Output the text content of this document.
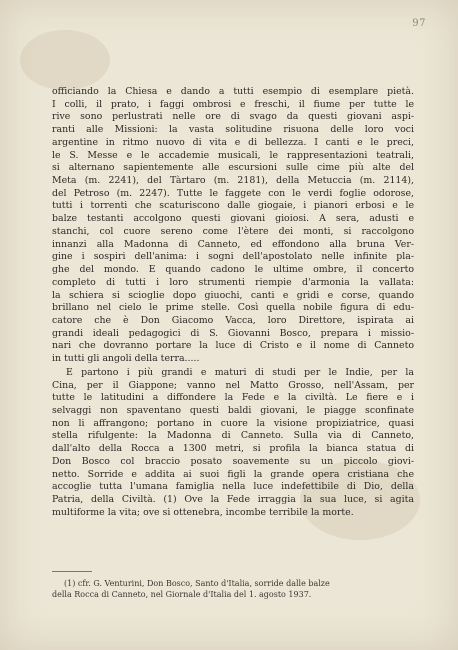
97

officiando la Chiesa e dando a tutti esempio di esemplare pietà.
I colli, il prato, i faggi ombrosi e freschi, il fiume per tutte le
rive sono perlustrati nelle ore di svago da questi giovani aspi-
ranti alle Missioni: la vasta solitudine risuona delle loro voci
argentine in ritmo nuovo di vita e di bellezza. I canti e le preci,
le S. Messe e le accademie musicali, le rappresentazioni teatrali,
si alternano sapientemente alle escursioni sulle cime più alte del
Meta (m. 2241), del Tàrtaro (m. 2181), della Metuccia (m. 2114),
del Petroso (m. 2247). Tutte le faggete con le verdi foglie odorose,
tutti i torrenti che scaturiscono dalle giogaie, i pianori erbosi e le
balze testanti accolgono questi giovani gioiosi. A sera, adusti e
stanchi, col cuore sereno come l'ètere dei monti, si raccolgono
innanzi alla Madonna di Canneto, ed effondono alla bruna Ver-
gine i sospiri dell'anima: i sogni dell'apostolato nelle infinite pla-
ghe del mondo. E quando cadono le ultime ombre, il concerto
completo di tutti i loro strumenti riempie d'armonia la vallata:
la schiera si scioglie dopo giuochi, canti e gridi e corse, quando
brillano nel cielo le prime stelle. Così quella nobile figura di edu-
catore che è Don Giacomo Vacca, loro Direttore, ispirata ai
grandi ideali pedagogici di S. Giovanni Bosco, prepara i missio-
nari che dovranno portare la luce di Cristo e il nome di Canneto
in tutti gli angoli della terra.....

E partono i più grandi e maturi di studi per le Indie, per la
Cina, per il Giappone; vanno nel Matto Grosso, nell'Assam, per
tutte le latitudini a diffondere la Fede e la civiltà. Le fiere e i
selvaggi non spaventano questi baldi giovani, le piagge sconfinate
non li affrangono; portano in cuore la visione propiziatrice, quasi
stella rifulgente: la Madonna di Canneto. Sulla via di Canneto,
dall'alto della Rocca a 1300 metri, si profila la bianca statua di
Don Bosco col braccio posato soavemente su un piccolo giovi-
netto. Sorride e addita ai suoi figli la grande opera cristiana che
accoglie tutta l'umana famiglia nella luce indefettibile di Dio, della
Patria, della Civiltà. (1) Ove la Fede irraggia la sua luce, si agita
multiforme la vita; ove si ottenebra, incombe terribile la morte.

(1) cfr. G. Venturini, Don Bosco, Santo d'Italia, sorride dalle balze
della Rocca di Canneto, nel Giornale d'Italia del 1. agosto 1937.
